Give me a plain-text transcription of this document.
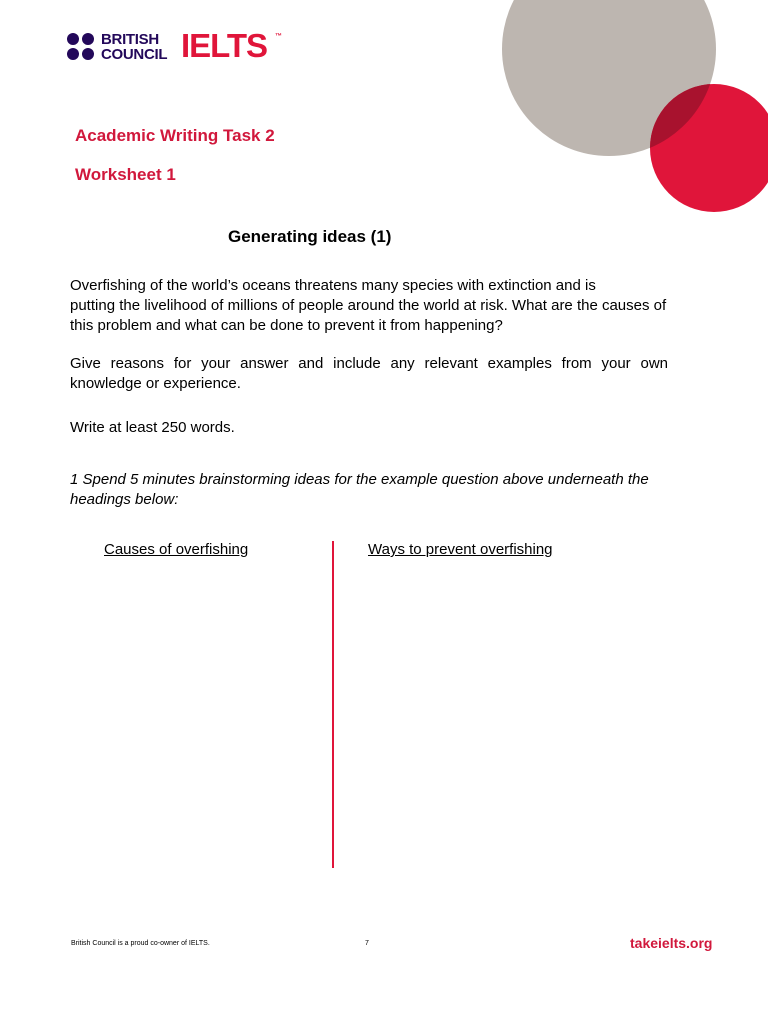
BRITISH
COUNCIL IELTS ™
Academic Writing Task 2
Worksheet 1
Generating ideas (1)
Overfishing of the world’s oceans threatens many species with extinction and is
putting the livelihood of millions of people around the world at risk. What are the causes of this problem and what can be done to prevent it from happening?
Give reasons for your answer and include any relevant examples from your own knowledge or experience.
Write at least 250 words.
1 Spend 5 minutes brainstorming ideas for the example question above underneath the headings below:
Causes of overfishing	Ways to prevent overfishing
British Council is a proud co-owner of IELTS.	7	takeielts.org
